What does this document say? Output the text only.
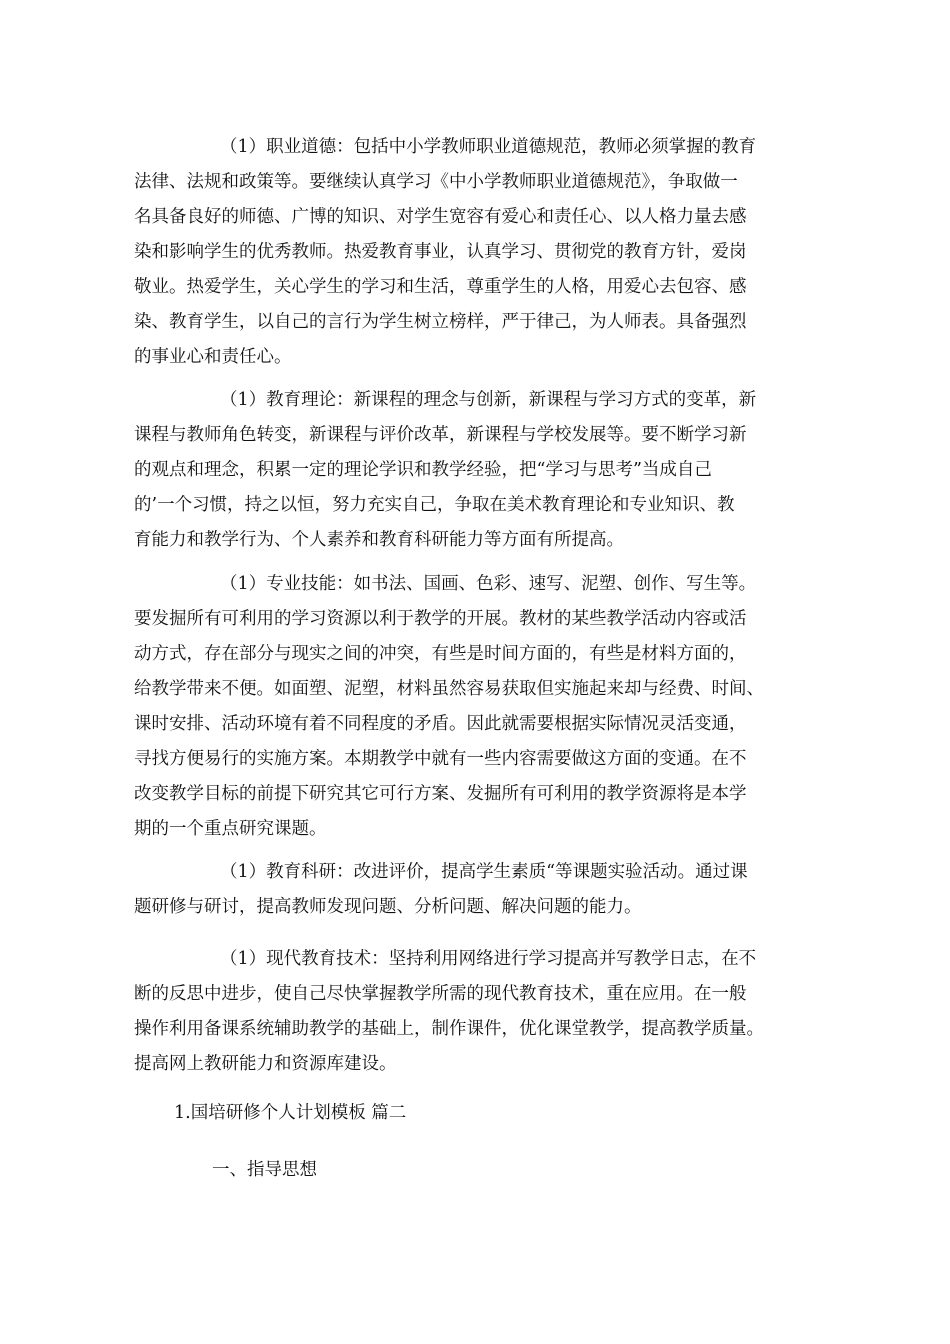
（1）职业道德：包括中小学教师职业道德规范，教师必须掌握的教育
法律、法规和政策等。要继续认真学习《中小学教师职业道德规范》，争取做一
名具备良好的师德、广博的知识、对学生宽容有爱心和责任心、以人格力量去感
染和影响学生的优秀教师。热爱教育事业，认真学习、贯彻党的教育方针，爱岗
敬业。热爱学生，关心学生的学习和生活，尊重学生的人格，用爱心去包容、感
染、教育学生，以自己的言行为学生树立榜样，严于律己，为人师表。具备强烈
的事业心和责任心。
（1）教育理论：新课程的理念与创新，新课程与学习方式的变革，新
课程与教师角色转变，新课程与评价改革，新课程与学校发展等。要不断学习新
的观点和理念，积累一定的理论学识和教学经验，把“学习与思考”当成自己
的’一个习惯，持之以恒，努力充实自己，争取在美术教育理论和专业知识、教
育能力和教学行为、个人素养和教育科研能力等方面有所提高。
（1）专业技能：如书法、国画、色彩、速写、泥塑、创作、写生等。
要发掘所有可利用的学习资源以利于教学的开展。教材的某些教学活动内容或活
动方式，存在部分与现实之间的冲突，有些是时间方面的，有些是材料方面的，
给教学带来不便。如面塑、泥塑，材料虽然容易获取但实施起来却与经费、时间、
课时安排、活动环境有着不同程度的矛盾。因此就需要根据实际情况灵活变通，
寻找方便易行的实施方案。本期教学中就有一些内容需要做这方面的变通。在不
改变教学目标的前提下研究其它可行方案、发掘所有可利用的教学资源将是本学
期的一个重点研究课题。
（1）教育科研：改进评价，提高学生素质“等课题实验活动。通过课
题研修与研讨，提高教师发现问题、分析问题、解决问题的能力。
（1）现代教育技术：坚持利用网络进行学习提高并写教学日志，在不
断的反思中进步，使自己尽快掌握教学所需的现代教育技术，重在应用。在一般
操作利用备课系统辅助教学的基础上，制作课件，优化课堂教学，提高教学质量。
提高网上教研能力和资源库建设。
1.国培研修个人计划模板 篇二
一、指导思想
